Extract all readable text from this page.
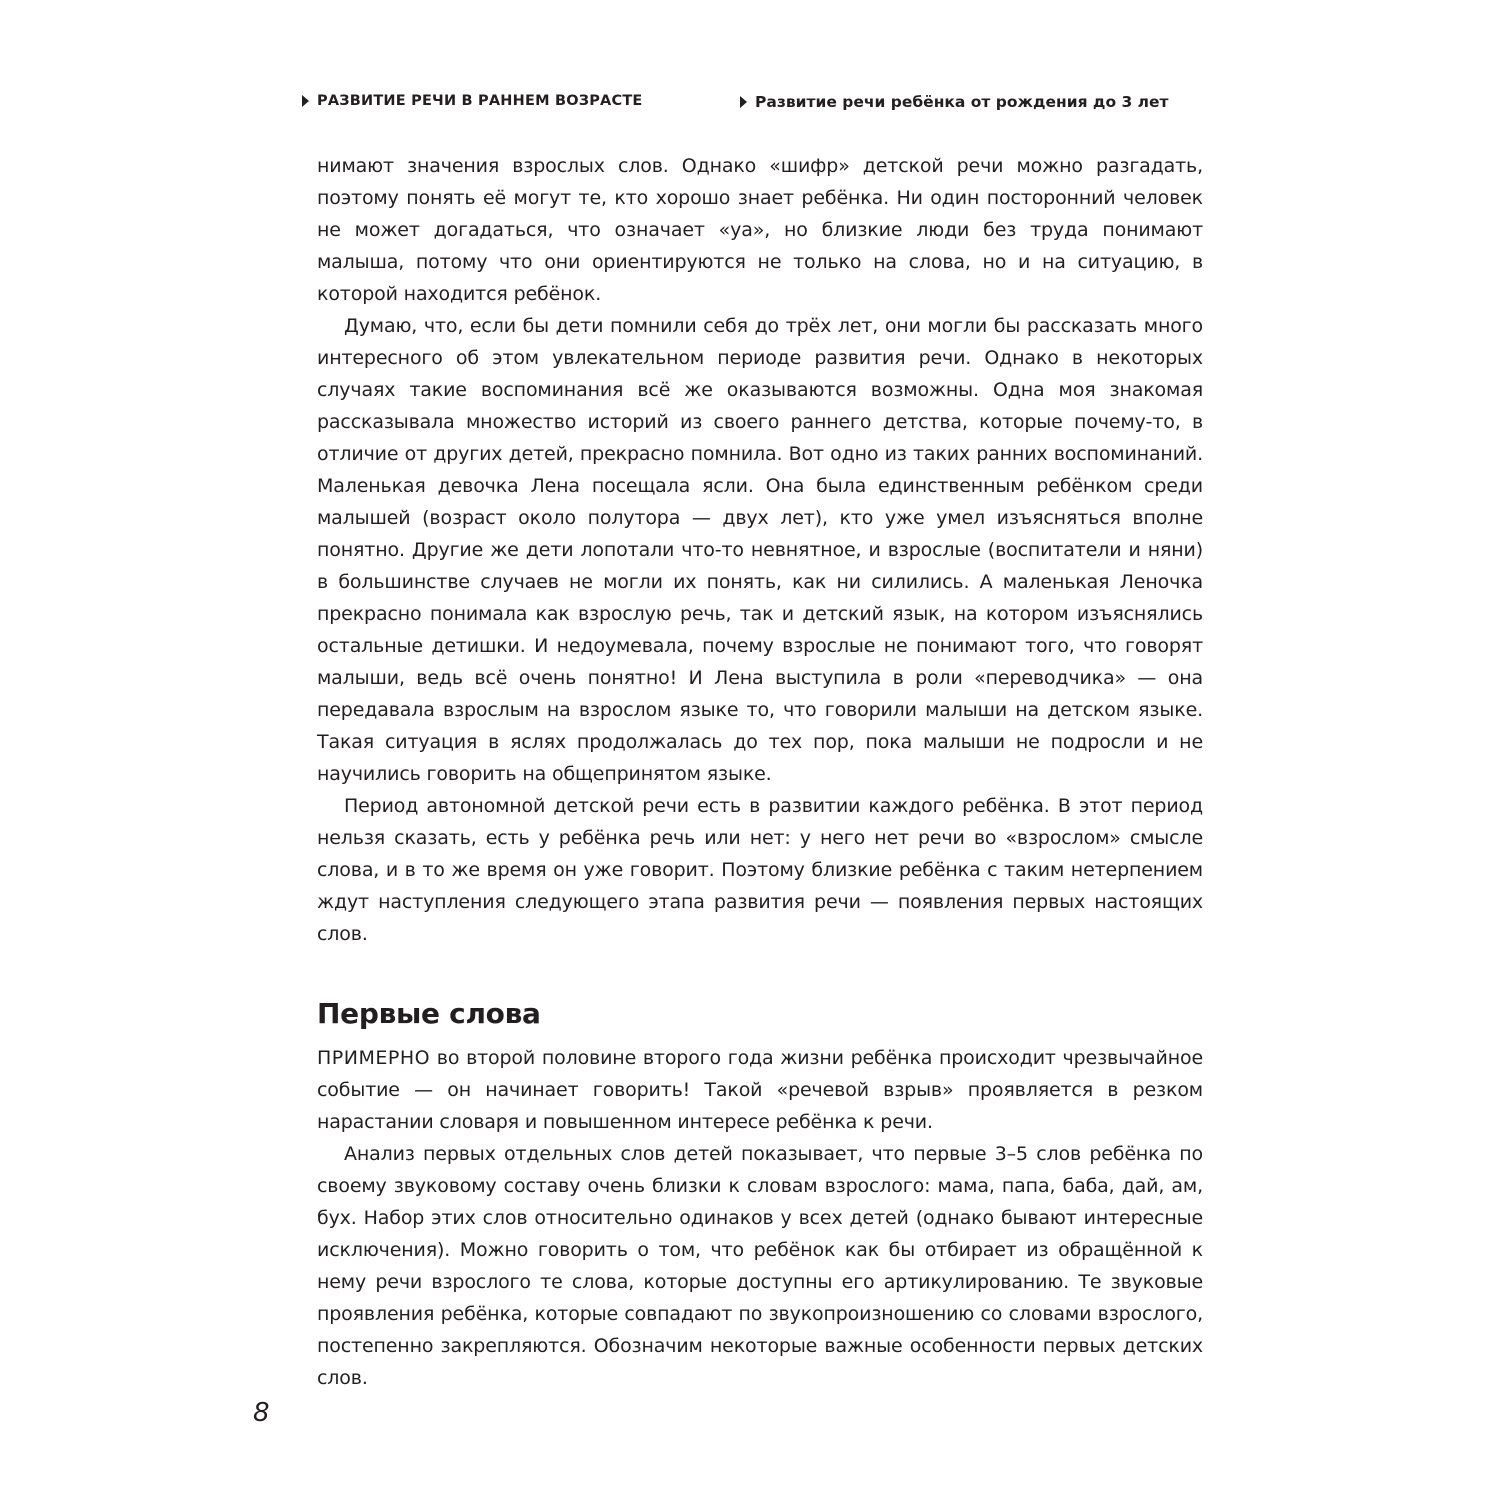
РАЗВИТИЕ РЕЧИ В РАННЕМ ВОЗРАСТЕ	Развитие речи ребёнка от рождения до 3 лет

нимают значения взрослых слов. Однако «шифр» детской речи можно разгадать, поэтому понять её могут те, кто хорошо знает ребёнка. Ни один посторонний человек не может догадаться, что означает «уа», но близкие люди без труда понимают малыша, потому что они ориентируются не только на слова, но и на ситуацию, в которой находится ребёнок.

Думаю, что, если бы дети помнили себя до трёх лет, они могли бы рассказать много интересного об этом увлекательном периоде развития речи. Однако в некоторых случаях такие воспоминания всё же оказываются возможны. Одна моя знакомая рассказывала множество историй из своего раннего детства, которые почему-то, в отличие от других детей, прекрасно помнила. Вот одно из таких ранних воспоминаний. Маленькая девочка Лена посещала ясли. Она была единственным ребёнком среди малышей (возраст около полутора — двух лет), кто уже умел изъясняться вполне понятно. Другие же дети лопотали что-то невнятное, и взрослые (воспитатели и няни) в большинстве случаев не могли их понять, как ни силились. А маленькая Леночка прекрасно понимала как взрослую речь, так и детский язык, на котором изъяснялись остальные детишки. И недоумевала, почему взрослые не понимают того, что говорят малыши, ведь всё очень понятно! И Лена выступила в роли «переводчика» — она передавала взрослым на взрослом языке то, что говорили малыши на детском языке. Такая ситуация в яслях продолжалась до тех пор, пока малыши не подросли и не научились говорить на общепринятом языке.

Период автономной детской речи есть в развитии каждого ребёнка. В этот период нельзя сказать, есть у ребёнка речь или нет: у него нет речи во «взрослом» смысле слова, и в то же время он уже говорит. Поэтому близкие ребёнка с таким нетерпением ждут наступления следующего этапа развития речи — появления первых настоящих слов.

Первые слова

ПРИМЕРНО во второй половине второго года жизни ребёнка происходит чрезвычайное событие — он начинает говорить! Такой «речевой взрыв» проявляется в резком нарастании словаря и повышенном интересе ребёнка к речи.

Анализ первых отдельных слов детей показывает, что первые 3–5 слов ребёнка по своему звуковому составу очень близки к словам взрослого: мама, папа, баба, дай, ам, бух. Набор этих слов относительно одинаков у всех детей (однако бывают интересные исключения). Можно говорить о том, что ребёнок как бы отбирает из обращённой к нему речи взрослого те слова, которые доступны его артикулированию. Те звуковые проявления ребёнка, которые совпадают по звукопроизношению со словами взрослого, постепенно закрепляются. Обозначим некоторые важные особенности первых детских слов.

8
